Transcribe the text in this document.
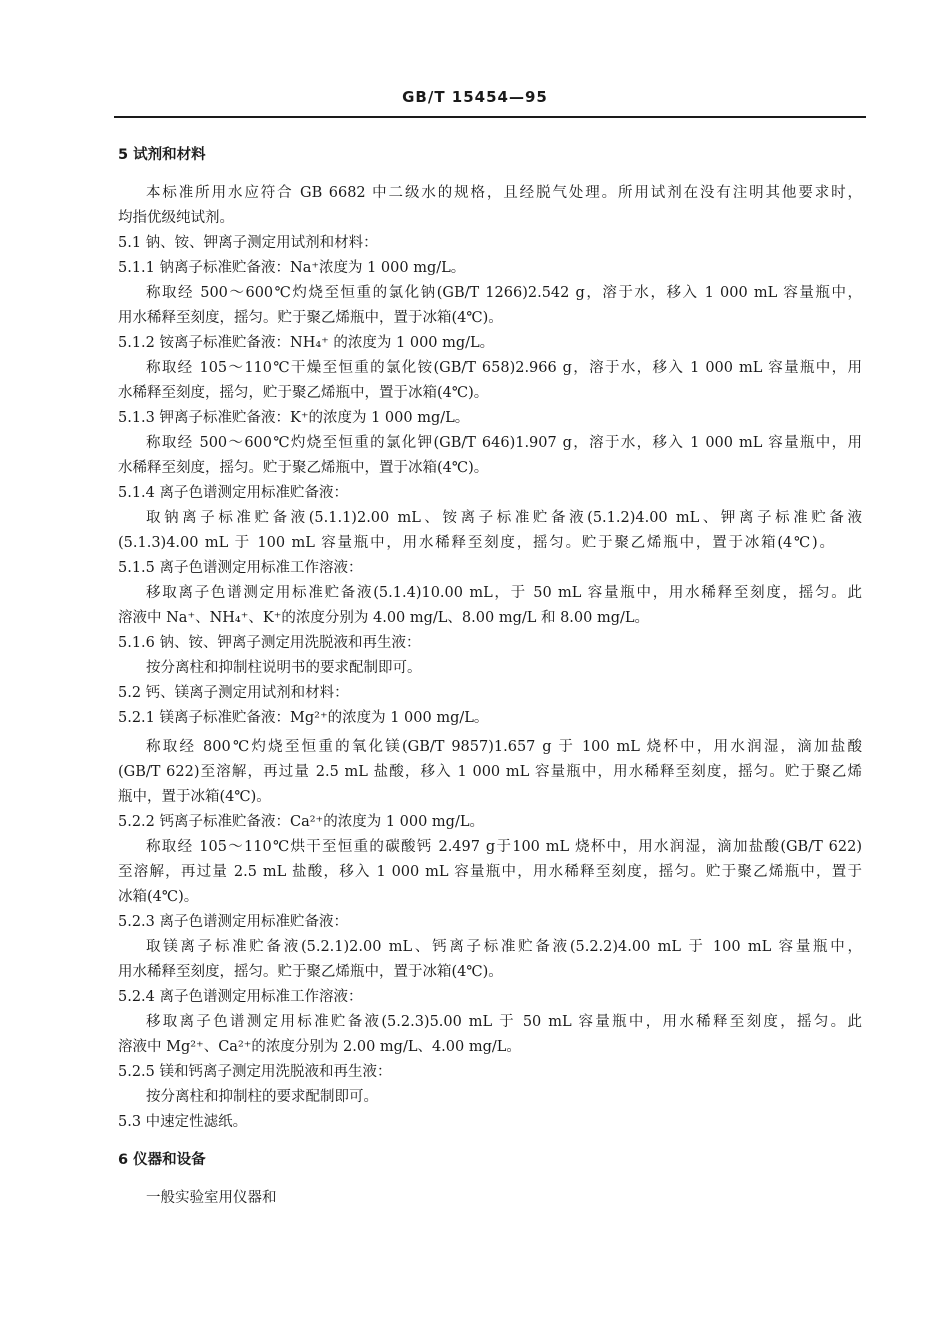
GB/T 15454—95
5 试剂和材料
本标准所用水应符合 GB 6682 中二级水的规格，且经脱气处理。所用试剂在没有注明其他要求时，
均指优级纯试剂。
5.1 钠、铵、钾离子测定用试剂和材料：
5.1.1 钠离子标准贮备液：Na⁺浓度为 1 000 mg/L。
称取经 500～600℃灼烧至恒重的氯化钠(GB/T 1266)2.542 g，溶于水，移入 1 000 mL 容量瓶中，
用水稀释至刻度，摇匀。贮于聚乙烯瓶中，置于冰箱(4℃)。
5.1.2 铵离子标准贮备液：NH₄⁺ 的浓度为 1 000 mg/L。
称取经 105～110℃干燥至恒重的氯化铵(GB/T 658)2.966 g，溶于水，移入 1 000 mL 容量瓶中，用
水稀释至刻度，摇匀，贮于聚乙烯瓶中，置于冰箱(4℃)。
5.1.3 钾离子标准贮备液：K⁺的浓度为 1 000 mg/L。
称取经 500～600℃灼烧至恒重的氯化钾(GB/T 646)1.907 g，溶于水，移入 1 000 mL 容量瓶中，用
水稀释至刻度，摇匀。贮于聚乙烯瓶中，置于冰箱(4℃)。
5.1.4 离子色谱测定用标准贮备液：
取钠离子标准贮备液(5.1.1)2.00 mL、铵离子标准贮备液(5.1.2)4.00 mL、钾离子标准贮备液
(5.1.3)4.00 mL 于 100 mL 容量瓶中，用水稀释至刻度，摇匀。贮于聚乙烯瓶中，置于冰箱(4℃)。
5.1.5 离子色谱测定用标准工作溶液：
移取离子色谱测定用标准贮备液(5.1.4)10.00 mL，于 50 mL 容量瓶中，用水稀释至刻度，摇匀。此
溶液中 Na⁺、NH₄⁺、K⁺的浓度分别为 4.00 mg/L、8.00 mg/L 和 8.00 mg/L。
5.1.6 钠、铵、钾离子测定用洗脱液和再生液：
按分离柱和抑制柱说明书的要求配制即可。
5.2 钙、镁离子测定用试剂和材料：
5.2.1 镁离子标准贮备液：Mg²⁺的浓度为 1 000 mg/L。
称取经 800℃灼烧至恒重的氧化镁(GB/T 9857)1.657 g 于 100 mL 烧杯中，用水润湿，滴加盐酸
(GB/T 622)至溶解，再过量 2.5 mL 盐酸，移入 1 000 mL 容量瓶中，用水稀释至刻度，摇匀。贮于聚乙烯
瓶中，置于冰箱(4℃)。
5.2.2 钙离子标准贮备液：Ca²⁺的浓度为 1 000 mg/L。
称取经 105～110℃烘干至恒重的碳酸钙 2.497 g于100 mL 烧杯中，用水润湿，滴加盐酸(GB/T 622)
至溶解，再过量 2.5 mL 盐酸，移入 1 000 mL 容量瓶中，用水稀释至刻度，摇匀。贮于聚乙烯瓶中，置于
冰箱(4℃)。
5.2.3 离子色谱测定用标准贮备液：
取镁离子标准贮备液(5.2.1)2.00 mL、钙离子标准贮备液(5.2.2)4.00 mL 于 100 mL 容量瓶中，
用水稀释至刻度，摇匀。贮于聚乙烯瓶中，置于冰箱(4℃)。
5.2.4 离子色谱测定用标准工作溶液：
移取离子色谱测定用标准贮备液(5.2.3)5.00 mL 于 50 mL 容量瓶中，用水稀释至刻度，摇匀。此
溶液中 Mg²⁺、Ca²⁺的浓度分别为 2.00 mg/L、4.00 mg/L。
5.2.5 镁和钙离子测定用洗脱液和再生液：
按分离柱和抑制柱的要求配制即可。
5.3 中速定性滤纸。
6 仪器和设备
一般实验室用仪器和
